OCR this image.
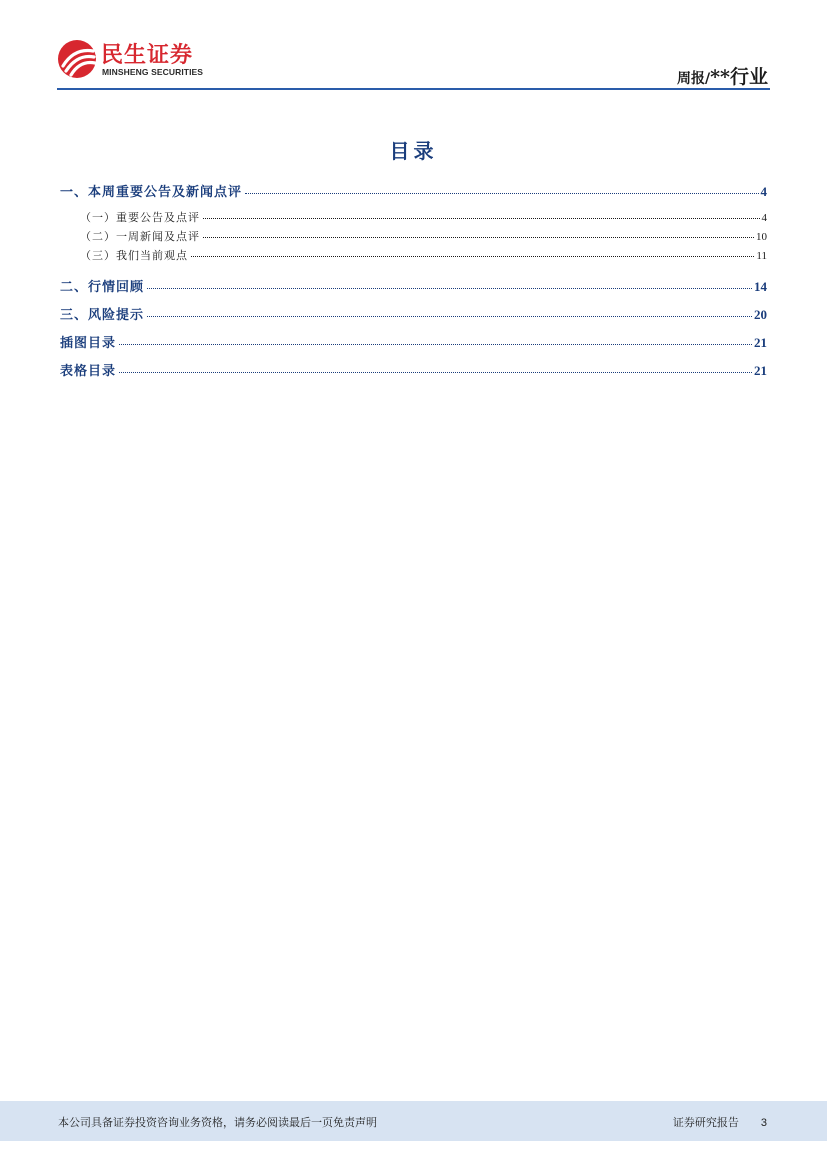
民生证券
MINSHENG SECURITIES	周报/**行业
目录
一、本周重要公告及新闻点评	4
（一）重要公告及点评	4
（二）一周新闻及点评	10
（三）我们当前观点	11
二、行情回顾	14
三、风险提示	20
插图目录	21
表格目录	21
本公司具备证券投资咨询业务资格，请务必阅读最后一页免责声明	证券研究报告 3
